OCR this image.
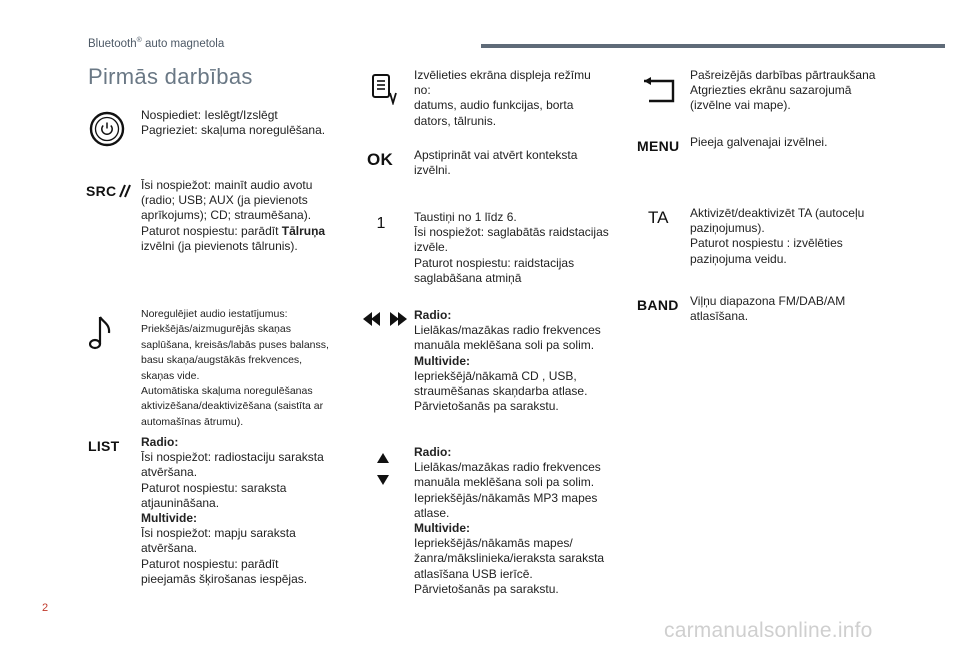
Bluetooth® auto magnetola
Pirmās darbības
Nospiediet: Ieslēgt/Izslēgt
Pagrieziet: skaļuma noregulēšana.
SRC Īsi nospiežot: mainīt audio avotu
(radio; USB; AUX (ja pievienots
aprīkojums); CD; straumēšana).
Paturot nospiestu: parādīt Tālruņa
izvēlni (ja pievienots tālrunis).
Noregulējiet audio iestatījumus:
Priekšējās/aizmugurējās skaņas
saplūšana, kreisās/labās puses balanss,
basu skaņa/augstākās frekvences,
skaņas vide.
Automātiska skaļuma noregulēšanas
aktivizēšana/deaktivizēšana (saistīta ar
automašīnas ātrumu).
LIST Radio:
Īsi nospiežot: radiostaciju saraksta
atvēršana.
Paturot nospiestu: saraksta
atjaunināšana.
Multivide:
Īsi nospiežot: mapju saraksta
atvēršana.
Paturot nospiestu: parādīt
pieejamās šķirošanas iespējas.
Izvēlieties ekrāna displeja režīmu
no:
datums, audio funkcijas, borta
dators, tālrunis.
OK Apstiprināt vai atvērt konteksta
izvēlni.
1 Taustiņi no 1 līdz 6.
Īsi nospiežot: saglabātās raidstacijas
izvēle.
Paturot nospiestu: raidstacijas
saglabāšana atmiņā
Radio:
Lielākas/mazākas radio frekvences
manuāla meklēšana soli pa solim.
Multivide:
Iepriekšējā/nākamā CD , USB,
straumēšanas skaņdarba atlase.
Pārvietošanās pa sarakstu.
Radio:
Lielākas/mazākas radio frekvences
manuāla meklēšana soli pa solim.
Iepriekšējās/nākamās MP3 mapes
atlase.
Multivide:
Iepriekšējās/nākamās mapes/
žanra/mākslinieka/ieraksta saraksta
atlasīšana USB ierīcē.
Pārvietošanās pa sarakstu.
Pašreizējās darbības pārtraukšana
Atgriezties ekrānu sazarojumā
(izvēlne vai mape).
MENU Pieeja galvenajai izvēlnei.
TA Aktivizēt/deaktivizēt TA (autoceļu
paziņojumus).
Paturot nospiestu : izvēlēties
paziņojuma veidu.
BAND Viļņu diapazona FM/DAB/AM
atlasīšana.
2
carmanualsonline.info
